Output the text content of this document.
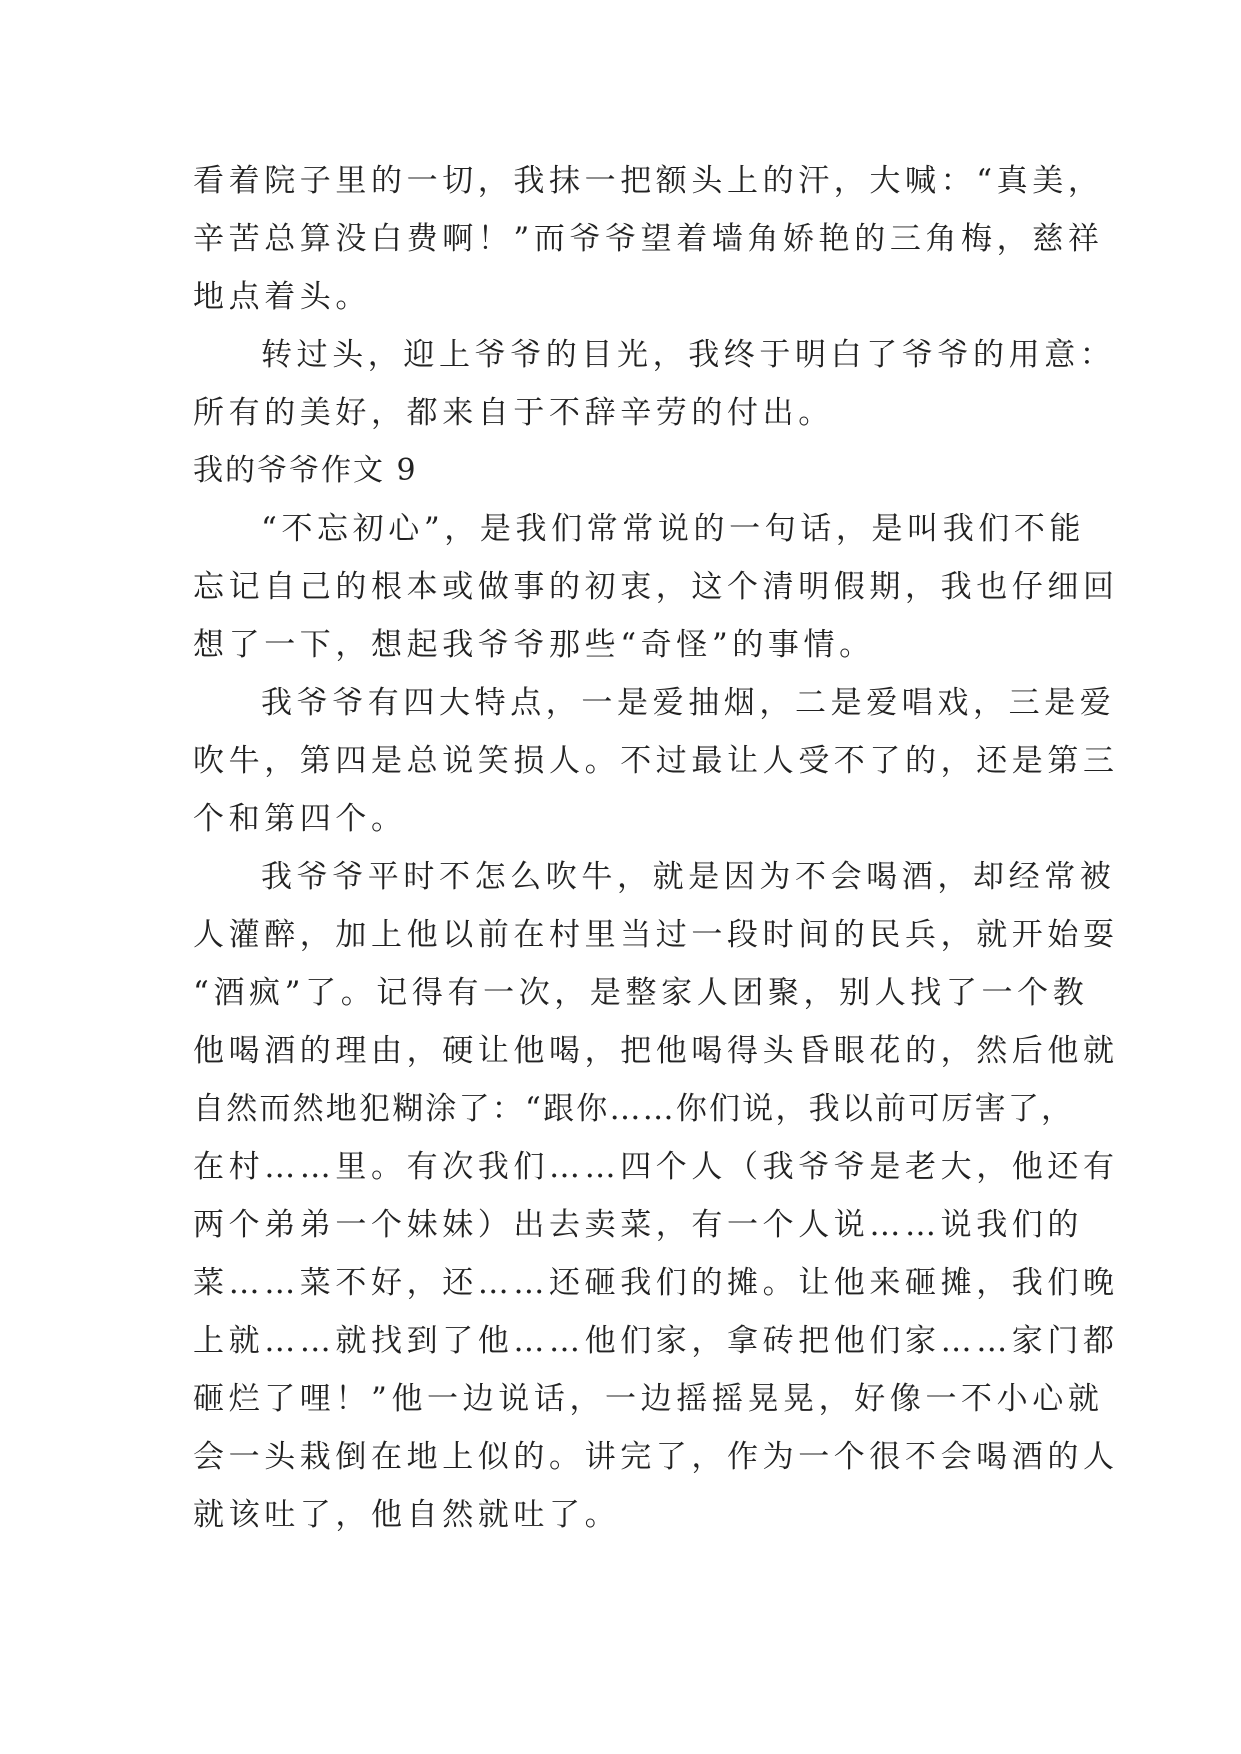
看着院子里的一切，我抹一把额头上的汗，大喊：“真美，
辛苦总算没白费啊！”而爷爷望着墙角娇艳的三角梅，慈祥
地点着头。
转过头，迎上爷爷的目光，我终于明白了爷爷的用意：
所有的美好，都来自于不辞辛劳的付出。
我的爷爷作文 9
“不忘初心”，是我们常常说的一句话，是叫我们不能
忘记自己的根本或做事的初衷，这个清明假期，我也仔细回
想了一下，想起我爷爷那些“奇怪”的事情。
我爷爷有四大特点，一是爱抽烟，二是爱唱戏，三是爱
吹牛，第四是总说笑损人。不过最让人受不了的，还是第三
个和第四个。
我爷爷平时不怎么吹牛，就是因为不会喝酒，却经常被
人灌醉，加上他以前在村里当过一段时间的民兵，就开始耍
“酒疯”了。记得有一次，是整家人团聚，别人找了一个教
他喝酒的理由，硬让他喝，把他喝得头昏眼花的，然后他就
自然而然地犯糊涂了：“跟你……你们说，我以前可厉害了，
在村……里。有次我们……四个人（我爷爷是老大，他还有
两个弟弟一个妹妹）出去卖菜，有一个人说……说我们的
菜……菜不好，还……还砸我们的摊。让他来砸摊，我们晚
上就……就找到了他……他们家，拿砖把他们家……家门都
砸烂了哩！”他一边说话，一边摇摇晃晃，好像一不小心就
会一头栽倒在地上似的。讲完了，作为一个很不会喝酒的人
就该吐了，他自然就吐了。
